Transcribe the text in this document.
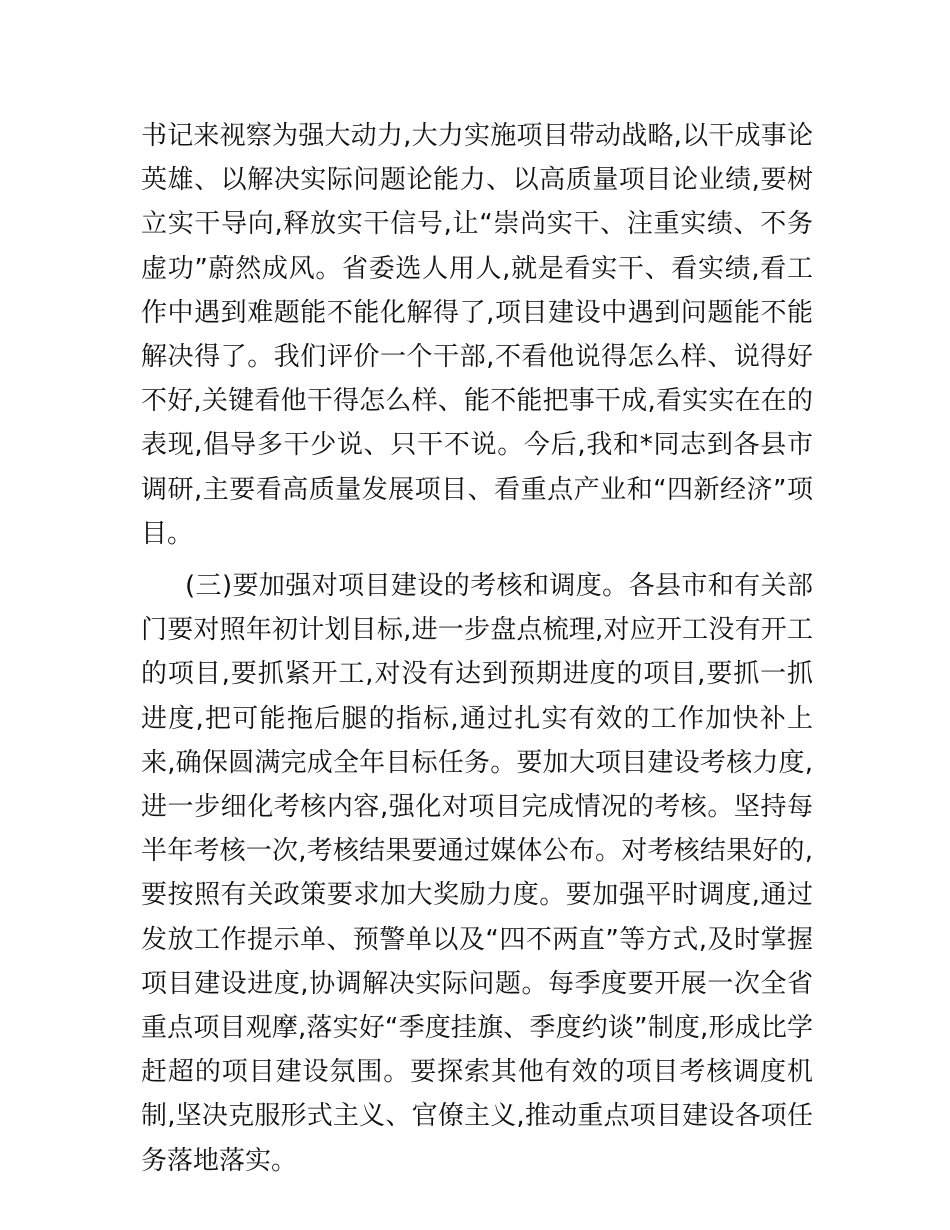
书记来视察为强大动力,大力实施项目带动战略,以干成事论英雄、以解决实际问题论能力、以高质量项目论业绩,要树立实干导向,释放实干信号,让“崇尚实干、注重实绩、不务虚功”蔚然成风。省委选人用人,就是看实干、看实绩,看工作中遇到难题能不能化解得了,项目建设中遇到问题能不能解决得了。我们评价一个干部,不看他说得怎么样、说得好不好,关键看他干得怎么样、能不能把事干成,看实实在在的表现,倡导多干少说、只干不说。今后,我和*同志到各县市调研,主要看高质量发展项目、看重点产业和“四新经济”项目。

(三)要加强对项目建设的考核和调度。各县市和有关部门要对照年初计划目标,进一步盘点梳理,对应开工没有开工的项目,要抓紧开工,对没有达到预期进度的项目,要抓一抓进度,把可能拖后腿的指标,通过扎实有效的工作加快补上来,确保圆满完成全年目标任务。要加大项目建设考核力度,进一步细化考核内容,强化对项目完成情况的考核。坚持每半年考核一次,考核结果要通过媒体公布。对考核结果好的,要按照有关政策要求加大奖励力度。要加强平时调度,通过发放工作提示单、预警单以及“四不两直”等方式,及时掌握项目建设进度,协调解决实际问题。每季度要开展一次全省重点项目观摩,落实好“季度挂旗、季度约谈”制度,形成比学赶超的项目建设氛围。要探索其他有效的项目考核调度机制,坚决克服形式主义、官僚主义,推动重点项目建设各项任务落地落实。
